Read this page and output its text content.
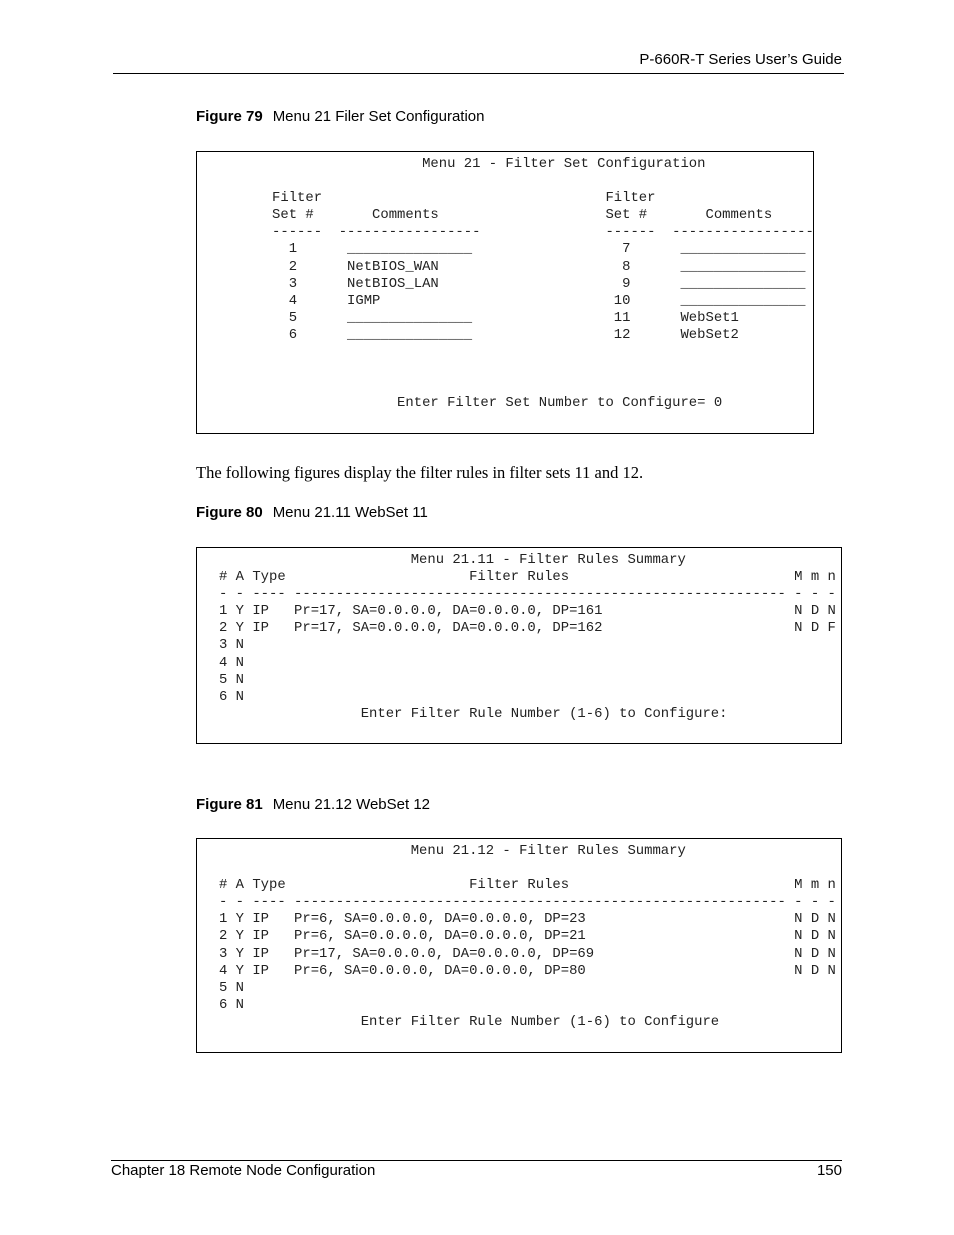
P-660R-T Series User’s Guide
Figure 79 Menu 21 Filer Set Configuration
Menu 21 - Filter Set Configuration

Filter                                  Filter
Set #       Comments                    Set #       Comments
------  -----------------               ------  -----------------
1      _______________                  7      _______________
2      NetBIOS_WAN                      8      _______________
3      NetBIOS_LAN                      9      _______________
4      IGMP                            10      _______________
5      _______________                 11      WebSet1
6      _______________                 12      WebSet2

Enter Filter Set Number to Configure= 0
The following figures display the filter rules in filter sets 11 and 12.
Figure 80 Menu 21.11 WebSet 11
Menu 21.11 - Filter Rules Summary
# A Type                      Filter Rules                           M m n
- - ---- ----------------------------------------------------------- - - -
1 Y IP   Pr=17, SA=0.0.0.0, DA=0.0.0.0, DP=161                       N D N
2 Y IP   Pr=17, SA=0.0.0.0, DA=0.0.0.0, DP=162                       N D F
3 N
4 N
5 N
6 N
Enter Filter Rule Number (1-6) to Configure:
Figure 81 Menu 21.12 WebSet 12
Menu 21.12 - Filter Rules Summary

# A Type                      Filter Rules                           M m n
- - ---- ----------------------------------------------------------- - - -
1 Y IP   Pr=6, SA=0.0.0.0, DA=0.0.0.0, DP=23                         N D N
2 Y IP   Pr=6, SA=0.0.0.0, DA=0.0.0.0, DP=21                         N D N
3 Y IP   Pr=17, SA=0.0.0.0, DA=0.0.0.0, DP=69                        N D N
4 Y IP   Pr=6, SA=0.0.0.0, DA=0.0.0.0, DP=80                         N D N
5 N
6 N
Enter Filter Rule Number (1-6) to Configure
Chapter 18 Remote Node Configuration	150
